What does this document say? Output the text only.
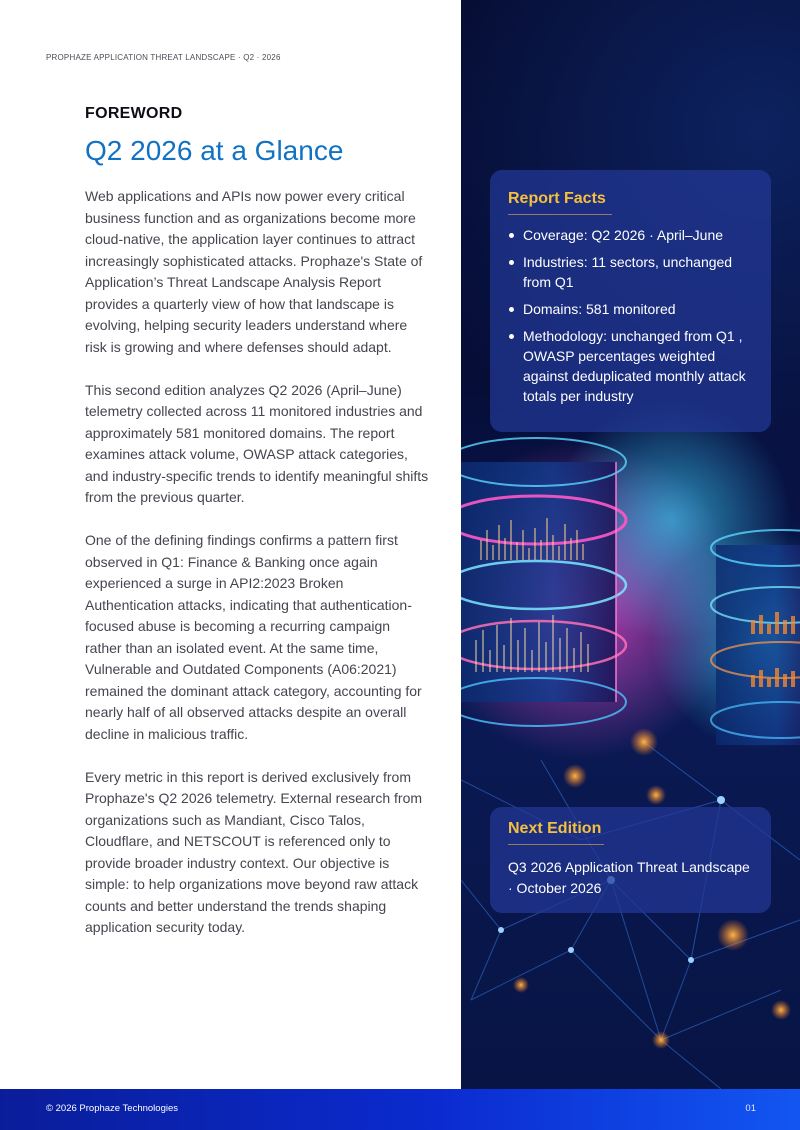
PROPHAZE APPLICATION THREAT LANDSCAPE · Q2 · 2026
FOREWORD
Q2 2026 at a Glance

Web applications and APIs now power every critical business function and as organizations become more cloud-native, the application layer continues to attract increasingly sophisticated attacks. Prophaze's State of Application’s Threat Landscape Analysis Report provides a quarterly view of how that landscape is evolving, helping security leaders understand where risk is growing and where defenses should adapt.

This second edition analyzes Q2 2026 (April–June) telemetry collected across 11 monitored industries and approximately 581 monitored domains. The report examines attack volume, OWASP attack categories, and industry-specific trends to identify meaningful shifts from the previous quarter.

One of the defining findings confirms a pattern first observed in Q1: Finance & Banking once again experienced a surge in API2:2023 Broken Authentication attacks, indicating that authentication-focused abuse is becoming a recurring campaign rather than an isolated event. At the same time, Vulnerable and Outdated Components (A06:2021) remained the dominant attack category, accounting for nearly half of all observed attacks despite an overall decline in malicious traffic.

Every metric in this report is derived exclusively from Prophaze's Q2 2026 telemetry. External research from organizations such as Mandiant, Cisco Talos, Cloudflare, and NETSCOUT is referenced only to provide broader industry context. Our objective is simple: to help organizations move beyond raw attack counts and better understand the trends shaping application security today.

Report Facts
Coverage: Q2 2026 · April–June
Industries: 11 sectors, unchanged from Q1
Domains: 581 monitored
Methodology: unchanged from Q1 , OWASP percentages weighted against deduplicated monthly attack totals per industry
Next Edition
Q3 2026 Application Threat Landscape · October 2026
© 2026 Prophaze Technologies	01
